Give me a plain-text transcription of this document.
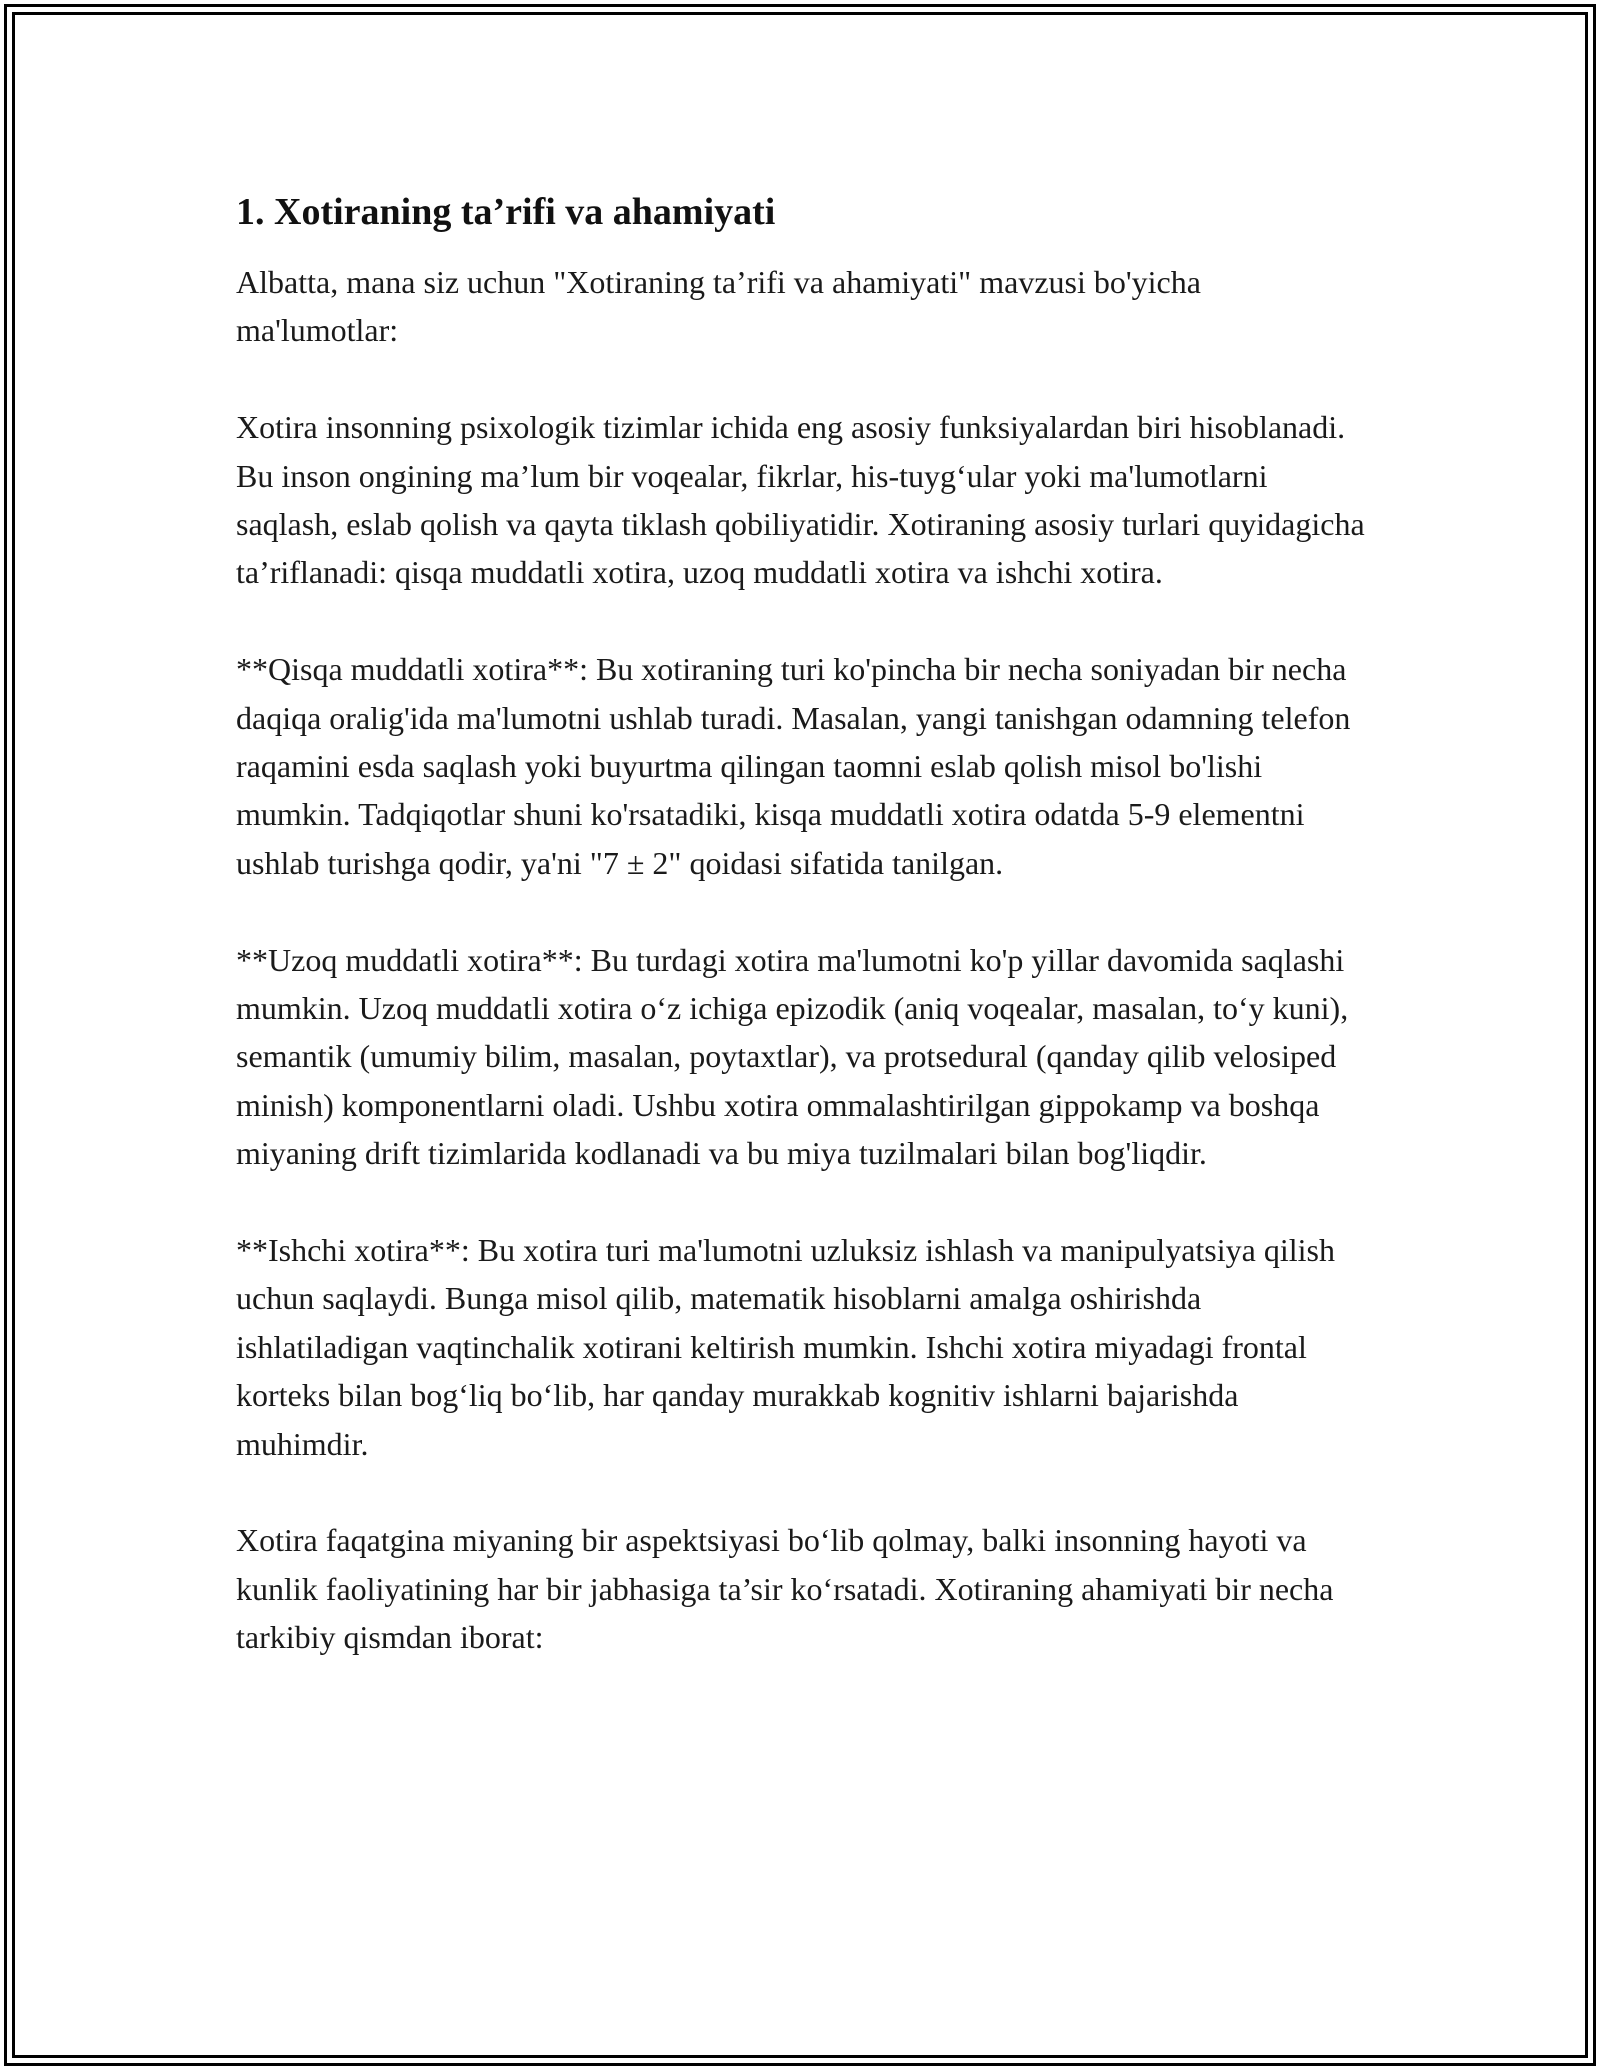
1. Xotiraning ta’rifi va ahamiyati

Albatta, mana siz uchun "Xotiraning ta’rifi va ahamiyati" mavzusi bo'yicha ma'lumotlar:

Xotira insonning psixologik tizimlar ichida eng asosiy funksiyalardan biri hisoblanadi. Bu inson ongining ma’lum bir voqealar, fikrlar, his-tuyg‘ular yoki ma'lumotlarni saqlash, eslab qolish va qayta tiklash qobiliyatidir. Xotiraning asosiy turlari quyidagicha ta’riflanadi: qisqa muddatli xotira, uzoq muddatli xotira va ishchi xotira.

**Qisqa muddatli xotira**: Bu xotiraning turi ko'pincha bir necha soniyadan bir necha daqiqa oralig'ida ma'lumotni ushlab turadi. Masalan, yangi tanishgan odamning telefon raqamini esda saqlash yoki buyurtma qilingan taomni eslab qolish misol bo'lishi mumkin. Tadqiqotlar shuni ko'rsatadiki, kisqa muddatli xotira odatda 5-9 elementni ushlab turishga qodir, ya'ni "7 ± 2" qoidasi sifatida tanilgan.

**Uzoq muddatli xotira**: Bu turdagi xotira ma'lumotni ko'p yillar davomida saqlashi mumkin. Uzoq muddatli xotira o‘z ichiga epizodik (aniq voqealar, masalan, to‘y kuni), semantik (umumiy bilim, masalan, poytaxtlar), va protsedural (qanday qilib velosiped minish) komponentlarni oladi. Ushbu xotira ommalashtirilgan gippokamp va boshqa miyaning drift tizimlarida kodlanadi va bu miya tuzilmalari bilan bog'liqdir.

**Ishchi xotira**: Bu xotira turi ma'lumotni uzluksiz ishlash va manipulyatsiya qilish uchun saqlaydi. Bunga misol qilib, matematik hisoblarni amalga oshirishda ishlatiladigan vaqtinchalik xotirani keltirish mumkin. Ishchi xotira miyadagi frontal korteks bilan bog‘liq bo‘lib, har qanday murakkab kognitiv ishlarni bajarishda muhimdir.

Xotira faqatgina miyaning bir aspektsiyasi bo‘lib qolmay, balki insonning hayoti va kunlik faoliyatining har bir jabhasiga ta’sir ko‘rsatadi. Xotiraning ahamiyati bir necha tarkibiy qismdan iborat:
